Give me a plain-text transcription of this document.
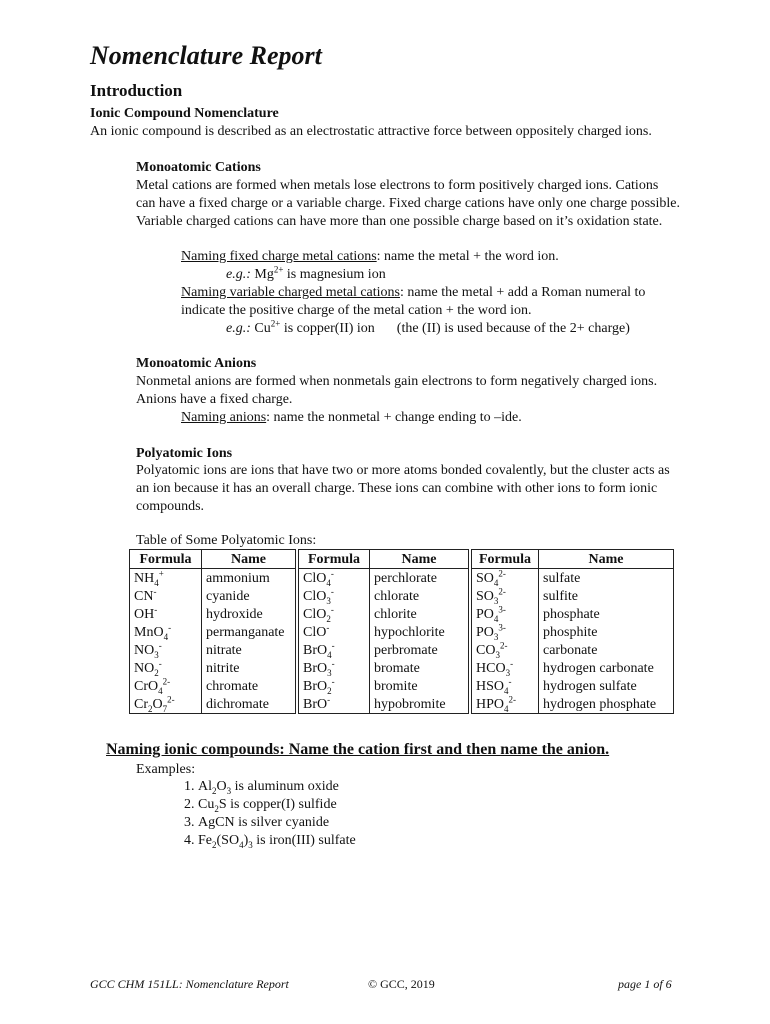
Nomenclature Report

Introduction

Ionic Compound Nomenclature

An ionic compound is described as an electrostatic attractive force between oppositely charged ions.

Monoatomic Cations

Metal cations are formed when metals lose electrons to form positively charged ions. Cations can have a fixed charge or a variable charge. Fixed charge cations have only one charge possible. Variable charged cations can have more than one possible charge based on it’s oxidation state.

Naming fixed charge metal cations: name the metal + the word ion.

e.g.: $Mg^{2+}$ is magnesium ion

Naming variable charged metal cations: name the metal + add a Roman numeral to indicate the positive charge of the metal cation + the word ion.

e.g.: $Cu^{2+}$ is copper(II) ion (the (II) is used because of the 2+ charge)

Monoatomic Anions

Nonmetal anions are formed when nonmetals gain electrons to form negatively charged ions. Anions have a fixed charge.

Naming anions: name the nonmetal + change ending to –ide.

Polyatomic Ions

Polyatomic ions are ions that have two or more atoms bonded covalently, but the cluster acts as an ion because it has an overall charge. These ions can combine with other ions to form ionic compounds.

Table of Some Polyatomic Ions:

Formula	Name	Formula	Name	Formula	Name
$NH_4^+$	ammonium	ClO$_4$-	perchlorate	$SO_4^{2-}$	sulfate
CN-	cyanide	ClO$_3$-	chlorate	$SO_3^{2-}$	sulfite
OH-	hydroxide	ClO$_2$-	chlorite	$PO_4^{3-}$	phosphate
MnO$_4$-	permanganate	ClO-	hypochlorite	$PO_3^{3-}$	phosphite
$NO_3^-$	nitrate	BrO$_4$-	perbromate	$CO_3^{2-}$	carbonate
$NO_2^-$	nitrite	BrO$_3$-	bromate	$HCO_3^-$	hydrogen carbonate
CrO$_4^{2-}$	chromate	BrO$_2$-	bromite	$HSO_4^-$	hydrogen sulfate
$Cr_2O_7^{2-}$	dichromate	BrO-	hypobromite	$HPO_4^{2-}$	hydrogen phosphate

Naming ionic compounds: Name the cation first and then name the anion.

Examples:

1. $Al_2O_3$ is aluminum oxide
2. $Cu_2S$ is copper(I) sulfide
3. AgCN is silver cyanide
4. $Fe_2(SO_4)_3$ is iron(III) sulfate

GCC CHM 151LL: Nomenclature Report	© GCC, 2019	page 1 of 6
